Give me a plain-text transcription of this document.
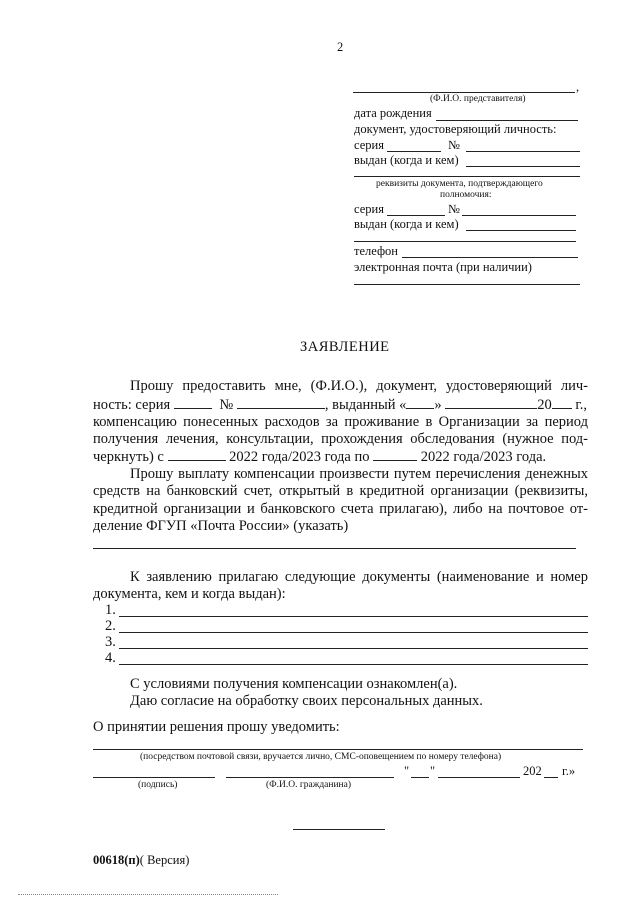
2
,
(Ф.И.О. представителя)
дата рождения
документ, удостоверяющий личность:
серия	№
выдан (когда и кем)
реквизиты документа, подтверждающего
полномочия:
серия	№
выдан (когда и кем)
телефон
электронная почта (при наличии)
ЗАЯВЛЕНИЕ
Прошу предоставить мне, (Ф.И.О.), документ, удостоверяющий лич-
ность: серия	№	, выданный « »	20 г.,
компенсацию понесенных расходов за проживание в Организации за период
получения лечения, консультации, прохождения обследования (нужное под-
черкнуть) с	2022 года/2023 года по	2022 года/2023 года.
Прошу выплату компенсации произвести путем перечисления денежных
средств на банковский счет, открытый в кредитной организации (реквизиты,
кредитной организации и банковского счета прилагаю), либо на почтовое от-
деление ФГУП «Почта России» (указать)
К заявлению прилагаю следующие документы (наименование и номер
документа, кем и когда выдан):
1.
2.
3.
4.
С условиями получения компенсации ознакомлен(а).
Даю согласие на обработку своих персональных данных.
О принятии решения прошу уведомить:
(посредством почтовой связи, вручается лично, СМС-оповещением по номеру телефона)
" "	202 г.»
(подпись)	(Ф.И.О. гражданина)
00618(п)( Версия)
